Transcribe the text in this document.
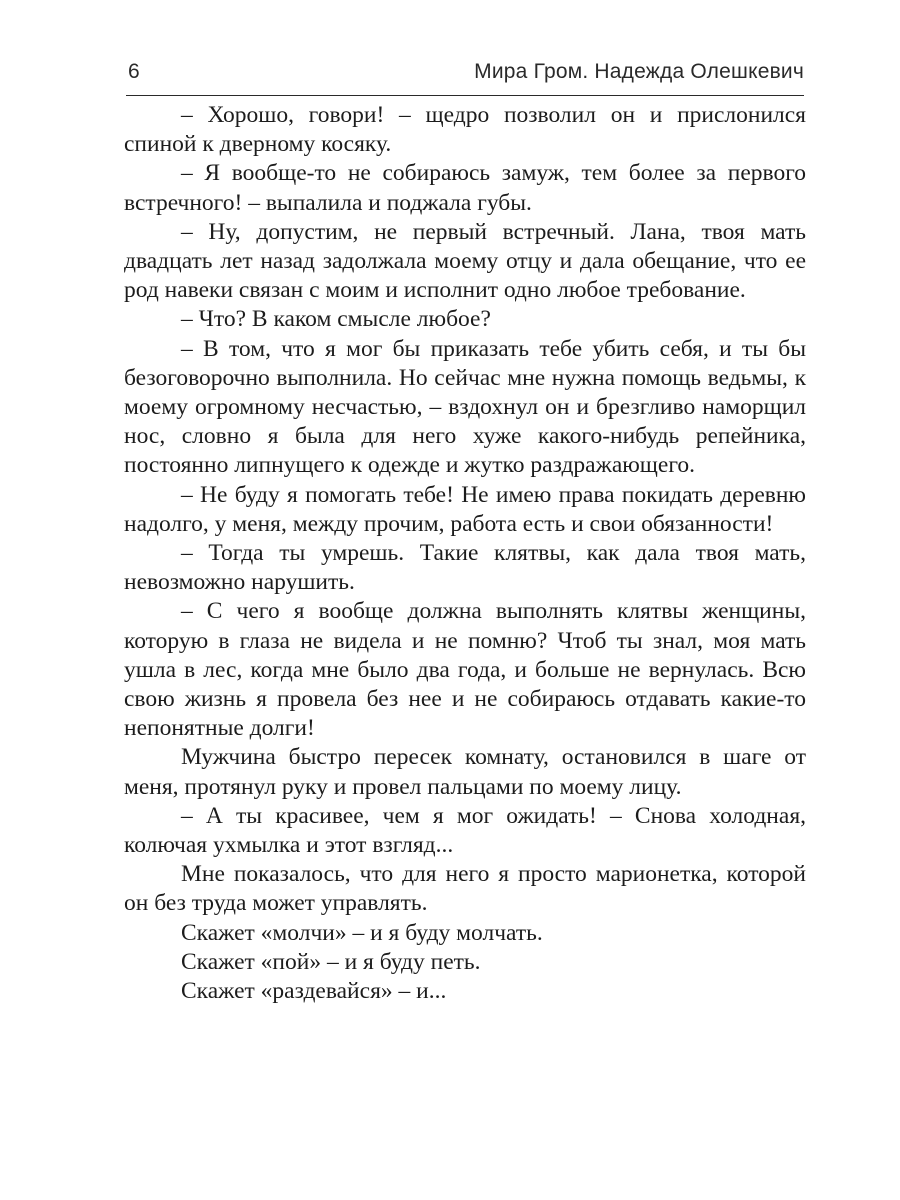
6	Мира Гром. Надежда Олешкевич

– Хорошо, говори! – щедро позволил он и прислонился спиной к дверному косяку.

– Я вообще-то не собираюсь замуж, тем более за первого встречного! – выпалила и поджала губы.

– Ну, допустим, не первый встречный. Лана, твоя мать двадцать лет назад задолжала моему отцу и дала обещание, что ее род навеки связан с моим и исполнит одно любое требование.

– Что? В каком смысле любое?

– В том, что я мог бы приказать тебе убить себя, и ты бы безоговорочно выполнила. Но сейчас мне нужна помощь ведьмы, к моему огромному несчастью, – вздохнул он и брезгливо наморщил нос, словно я была для него хуже какого-нибудь репейника, постоянно липнущего к одежде и жутко раздражающего.

– Не буду я помогать тебе! Не имею права покидать деревню надолго, у меня, между прочим, работа есть и свои обязанности!

– Тогда ты умрешь. Такие клятвы, как дала твоя мать, невозможно нарушить.

– С чего я вообще должна выполнять клятвы женщины, которую в глаза не видела и не помню? Чтоб ты знал, моя мать ушла в лес, когда мне было два года, и больше не вернулась. Всю свою жизнь я провела без нее и не собираюсь отдавать какие-то непонятные долги!

Мужчина быстро пересек комнату, остановился в шаге от меня, протянул руку и провел пальцами по моему лицу.

– А ты красивее, чем я мог ожидать! – Снова холодная, колючая ухмылка и этот взгляд...

Мне показалось, что для него я просто марионетка, которой он без труда может управлять.

Скажет «молчи» – и я буду молчать.

Скажет «пой» – и я буду петь.

Скажет «раздевайся» – и...
